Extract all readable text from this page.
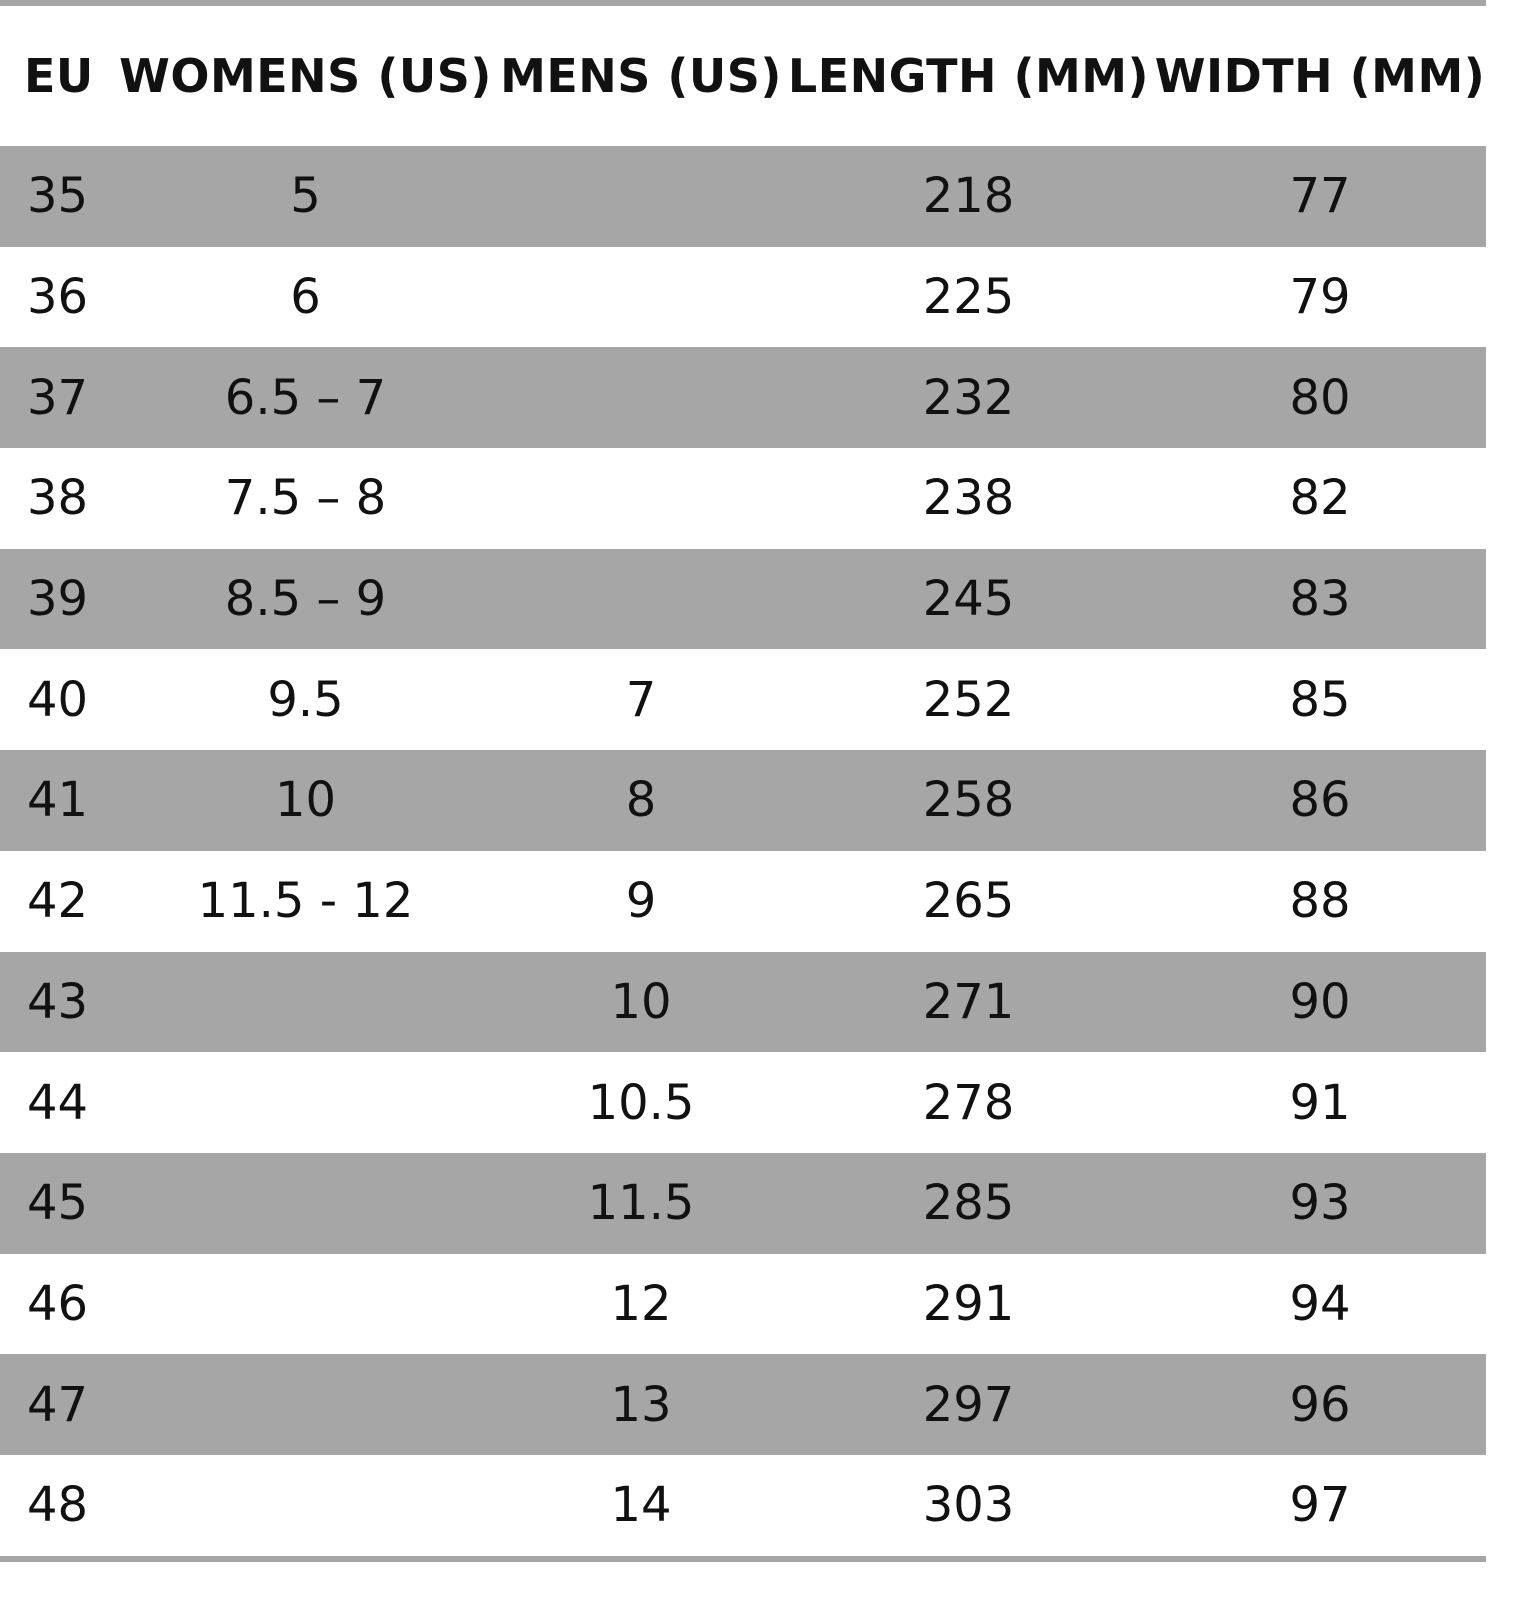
EU	WOMENS (US)	MENS (US)	LENGTH (MM)	WIDTH (MM)
35	5		218	77
36	6		225	79
37	6.5 – 7		232	80
38	7.5 – 8		238	82
39	8.5 – 9		245	83
40	9.5	7	252	85
41	10	8	258	86
42	11.5 - 12	9	265	88
43		10	271	90
44		10.5	278	91
45		11.5	285	93
46		12	291	94
47		13	297	96
48		14	303	97
